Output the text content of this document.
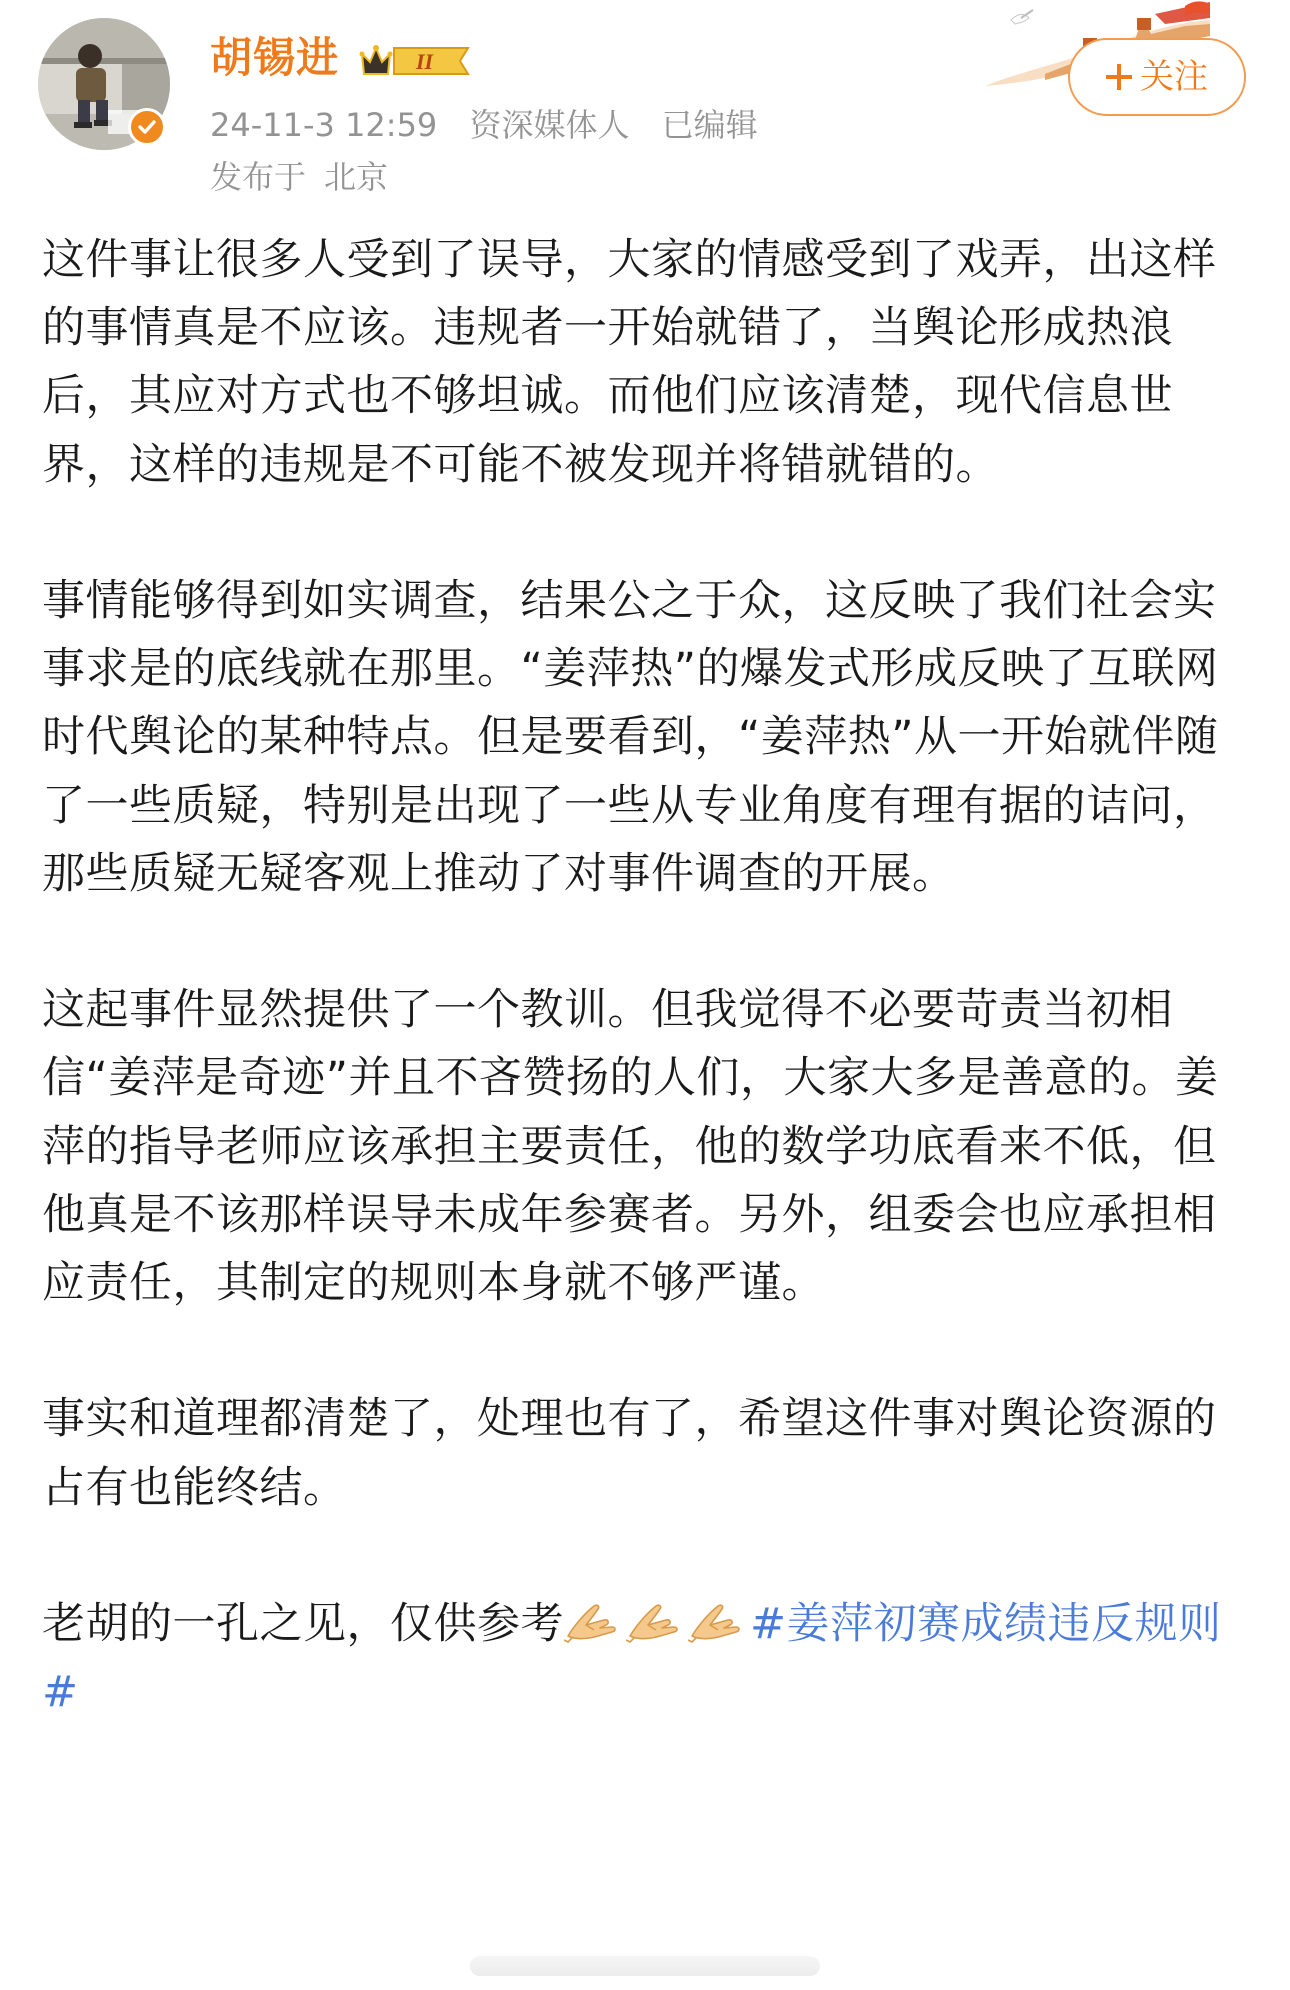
胡锡进	II
24-11-3 12:59 资深媒体人 已编辑
发布于 北京
关注

这件事让很多人受到了误导，大家的情感受到了戏弄，出这样的事情真是不应该。违规者一开始就错了，当舆论形成热浪后，其应对方式也不够坦诚。而他们应该清楚，现代信息世界，这样的违规是不可能不被发现并将错就错的。

事情能够得到如实调查，结果公之于众，这反映了我们社会实事求是的底线就在那里。“姜萍热”的爆发式形成反映了互联网时代舆论的某种特点。但是要看到，“姜萍热”从一开始就伴随了一些质疑，特别是出现了一些从专业角度有理有据的诘问，那些质疑无疑客观上推动了对事件调查的开展。

这起事件显然提供了一个教训。但我觉得不必要苛责当初相信“姜萍是奇迹”并且不吝赞扬的人们，大家大多是善意的。姜萍的指导老师应该承担主要责任，他的数学功底看来不低，但他真是不该那样误导未成年参赛者。另外，组委会也应承担相应责任，其制定的规则本身就不够严谨。

事实和道理都清楚了，处理也有了，希望这件事对舆论资源的占有也能终结。

老胡的一孔之见，仅供参考	#姜萍初赛成绩违反规则#
